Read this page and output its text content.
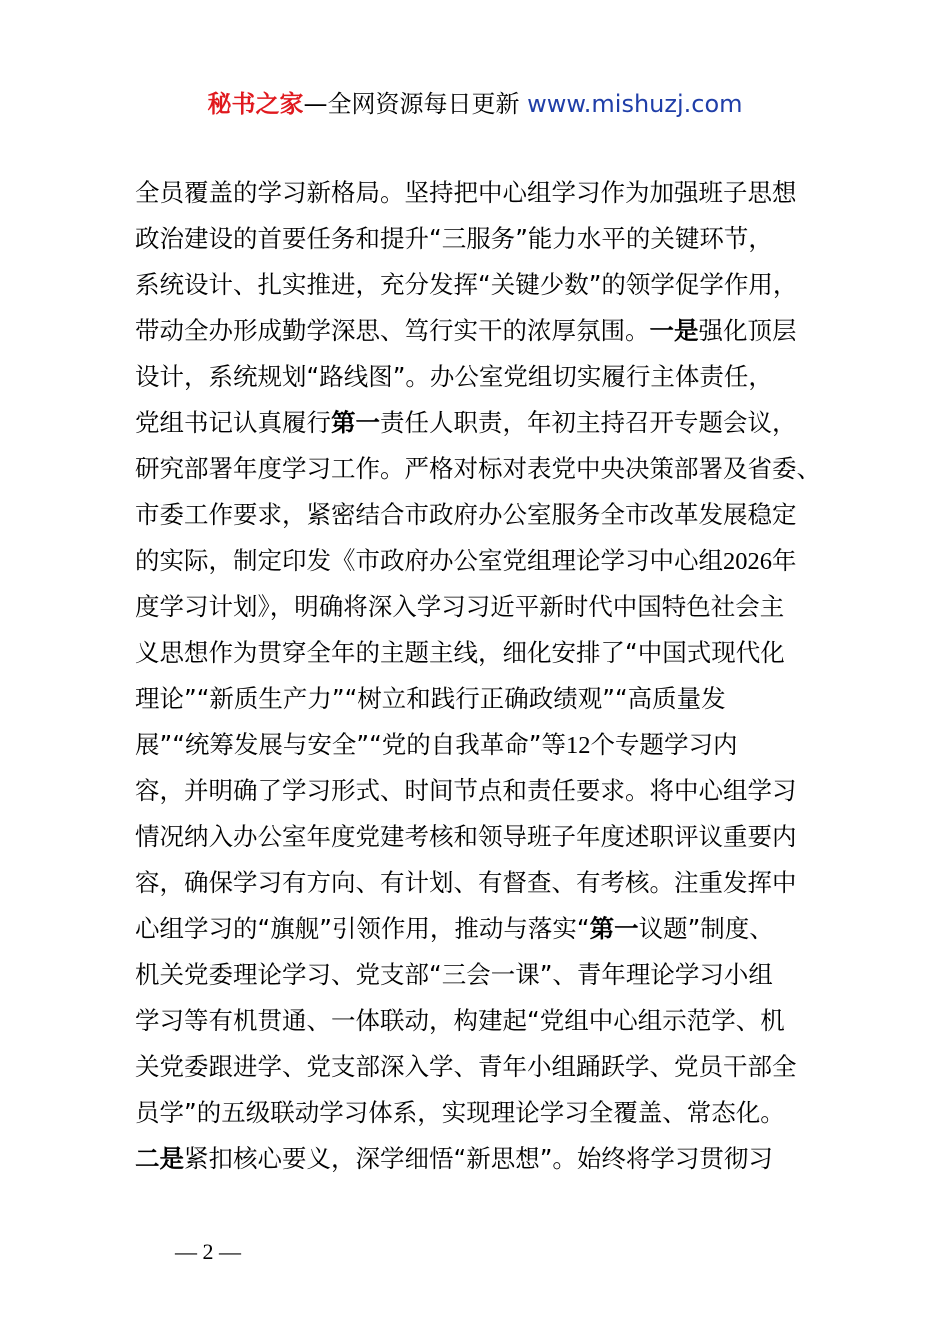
秘书之家—全网资源每日更新 www.mishuzj.com
全员覆盖的学习新格局。坚持把中心组学习作为加强班子思想
政治建设的首要任务和提升“三服务”能力水平的关键环节，
系统设计、扎实推进，充分发挥“关键少数”的领学促学作用，
带动全办形成勤学深思、笃行实干的浓厚氛围。一是强化顶层
设计，系统规划“路线图”。办公室党组切实履行主体责任，
党组书记认真履行第一责任人职责，年初主持召开专题会议，
研究部署年度学习工作。严格对标对表党中央决策部署及省委、
市委工作要求，紧密结合市政府办公室服务全市改革发展稳定
的实际，制定印发《市政府办公室党组理论学习中心组2026年
度学习计划》，明确将深入学习习近平新时代中国特色社会主
义思想作为贯穿全年的主题主线，细化安排了“中国式现代化
理论”“新质生产力”“树立和践行正确政绩观”“高质量发
展”“统筹发展与安全”“党的自我革命”等12个专题学习内
容，并明确了学习形式、时间节点和责任要求。将中心组学习
情况纳入办公室年度党建考核和领导班子年度述职评议重要内
容，确保学习有方向、有计划、有督查、有考核。注重发挥中
心组学习的“旗舰”引领作用，推动与落实“第一议题”制度、
机关党委理论学习、党支部“三会一课”、青年理论学习小组
学习等有机贯通、一体联动，构建起“党组中心组示范学、机
关党委跟进学、党支部深入学、青年小组踊跃学、党员干部全
员学”的五级联动学习体系，实现理论学习全覆盖、常态化。
二是紧扣核心要义，深学细悟“新思想”。始终将学习贯彻习
— 2 —
